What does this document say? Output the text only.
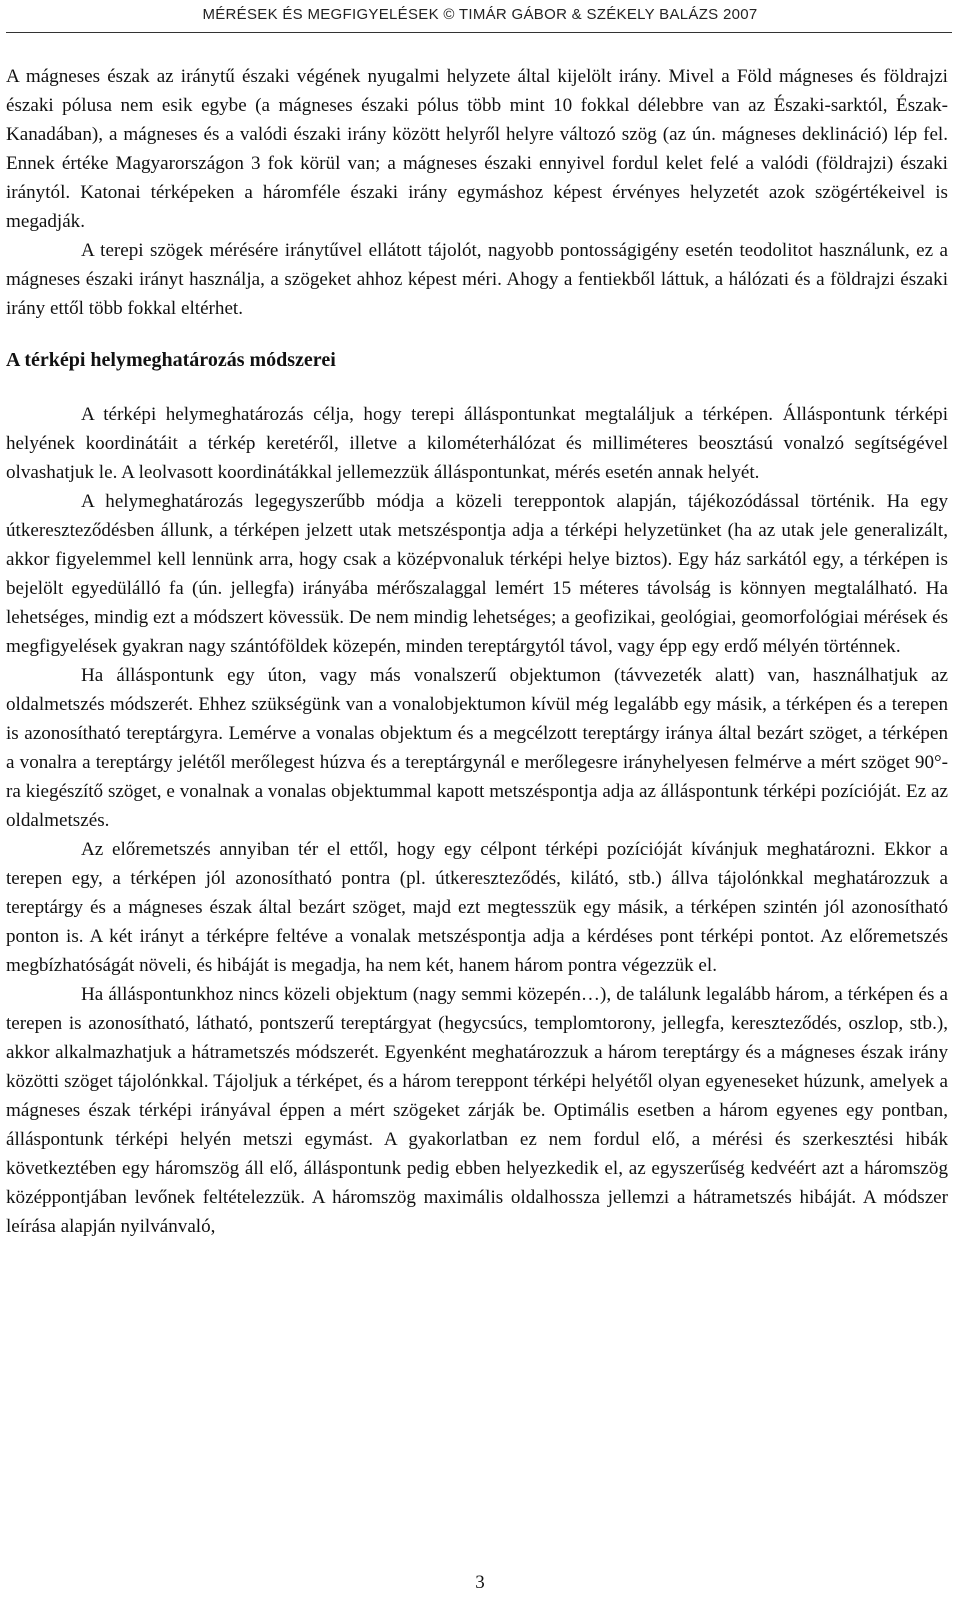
MÉRÉSEK ÉS MEGFIGYELÉSEK © TIMÁR GÁBOR & SZÉKELY BALÁZS 2007

A mágneses észak az iránytű északi végének nyugalmi helyzete által kijelölt irány. Mivel a Föld mágneses és földrajzi északi pólusa nem esik egybe (a mágneses északi pólus több mint 10 fokkal délebbre van az Északi-sarktól, Észak-Kanadában), a mágneses és a valódi északi irány között helyről helyre változó szög (az ún. mágneses deklináció) lép fel. Ennek értéke Magyarországon 3 fok körül van; a mágneses északi ennyivel fordul kelet felé a valódi (földrajzi) északi iránytól. Katonai térképeken a háromféle északi irány egymáshoz képest érvényes helyzetét azok szögértékeivel is megadják.

A terepi szögek mérésére iránytűvel ellátott tájolót, nagyobb pontosságigény esetén teodolitot használunk, ez a mágneses északi irányt használja, a szögeket ahhoz képest méri. Ahogy a fentiekből láttuk, a hálózati és a földrajzi északi irány ettől több fokkal eltérhet.

A térképi helymeghatározás módszerei

A térképi helymeghatározás célja, hogy terepi álláspontunkat megtaláljuk a térképen. Álláspontunk térképi helyének koordinátáit a térkép keretéről, illetve a kilométerhálózat és milliméteres beosztású vonalzó segítségével olvashatjuk le. A leolvasott koordinátákkal jellemezzük álláspontunkat, mérés esetén annak helyét.

A helymeghatározás legegyszerűbb módja a közeli tereppontok alapján, tájékozódással történik. Ha egy útkereszteződésben állunk, a térképen jelzett utak metszéspontja adja a térképi helyzetünket (ha az utak jele generalizált, akkor figyelemmel kell lennünk arra, hogy csak a középvonaluk térképi helye biztos). Egy ház sarkától egy, a térképen is bejelölt egyedülálló fa (ún. jellegfa) irányába mérőszalaggal lemért 15 méteres távolság is könnyen megtalálható. Ha lehetséges, mindig ezt a módszert kövessük. De nem mindig lehetséges; a geofizikai, geológiai, geomorfológiai mérések és megfigyelések gyakran nagy szántóföldek közepén, minden tereptárgytól távol, vagy épp egy erdő mélyén történnek.

Ha álláspontunk egy úton, vagy más vonalszerű objektumon (távvezeték alatt) van, használhatjuk az oldalmetszés módszerét. Ehhez szükségünk van a vonalobjektumon kívül még legalább egy másik, a térképen és a terepen is azonosítható tereptárgyra. Lemérve a vonalas objektum és a megcélzott tereptárgy iránya által bezárt szöget, a térképen a vonalra a tereptárgy jelétől merőlegest húzva és a tereptárgynál e merőlegesre irányhelyesen felmérve a mért szöget 90°-ra kiegészítő szöget, e vonalnak a vonalas objektummal kapott metszéspontja adja az álláspontunk térképi pozícióját. Ez az oldalmetszés.

Az előremetszés annyiban tér el ettől, hogy egy célpont térképi pozícióját kívánjuk meghatározni. Ekkor a terepen egy, a térképen jól azonosítható pontra (pl. útkereszteződés, kilátó, stb.) állva tájolónkkal meghatározzuk a tereptárgy és a mágneses észak által bezárt szöget, majd ezt megtesszük egy másik, a térképen szintén jól azonosítható ponton is. A két irányt a térképre feltéve a vonalak metszéspontja adja a kérdéses pont térképi pontot. Az előremetszés megbízhatóságát növeli, és hibáját is megadja, ha nem két, hanem három pontra végezzük el.

Ha álláspontunkhoz nincs közeli objektum (nagy semmi közepén…), de találunk legalább három, a térképen és a terepen is azonosítható, látható, pontszerű tereptárgyat (hegycsúcs, templomtorony, jellegfa, kereszteződés, oszlop, stb.), akkor alkalmazhatjuk a hátrametszés módszerét. Egyenként meghatározzuk a három tereptárgy és a mágneses észak irány közötti szöget tájolónkkal. Tájoljuk a térképet, és a három tereppont térképi helyétől olyan egyeneseket húzunk, amelyek a mágneses észak térképi irányával éppen a mért szögeket zárják be. Optimális esetben a három egyenes egy pontban, álláspontunk térképi helyén metszi egymást. A gyakorlatban ez nem fordul elő, a mérési és szerkesztési hibák következtében egy háromszög áll elő, álláspontunk pedig ebben helyezkedik el, az egyszerűség kedvéért azt a háromszög középpontjában levőnek feltételezzük. A háromszög maximális oldalhossza jellemzi a hátrametszés hibáját. A módszer leírása alapján nyilvánvaló,

3
